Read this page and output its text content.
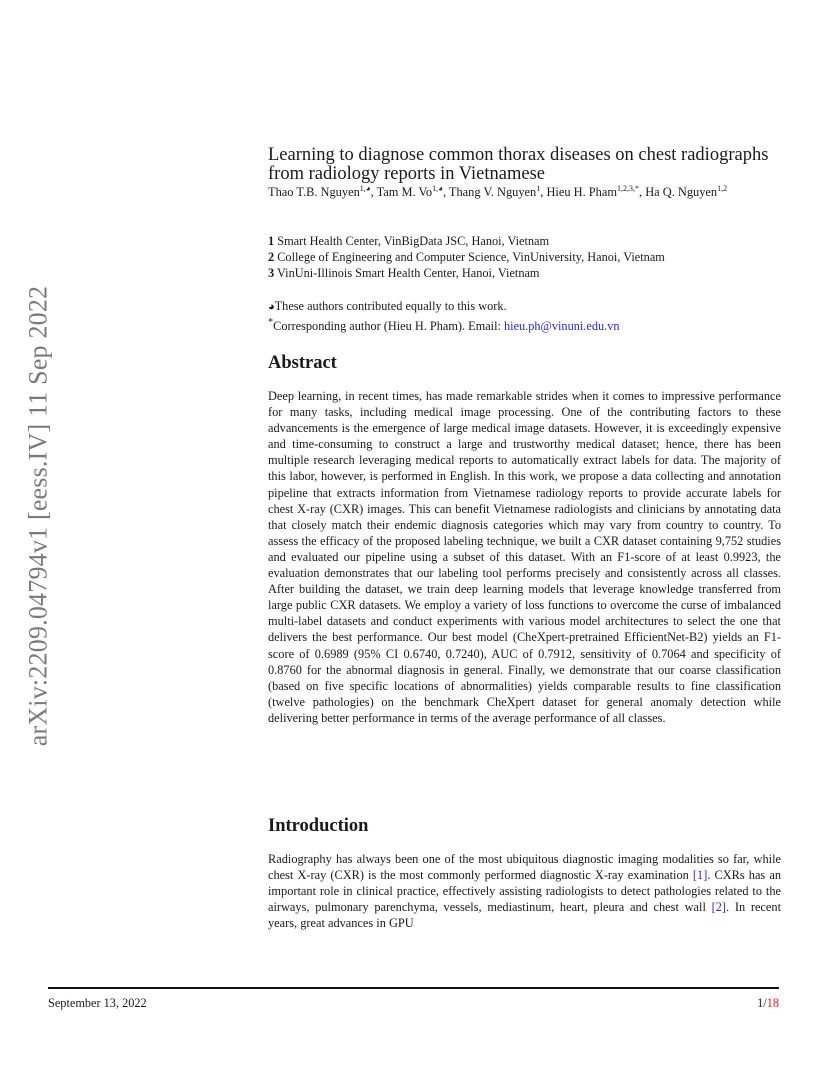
arXiv:2209.04794v1 [eess.IV] 11 Sep 2022
Learning to diagnose common thorax diseases on chest radiographs from radiology reports in Vietnamese
Thao T.B. Nguyen$^{1,◕}$, Tam M. $Vo^{1,◕}$, Thang V. Nguyen$^1$, Hieu H. Pham$^{1,2,3,*}$, Ha Q. Nguyen$^{1,2}$
1 Smart Health Center, VinBigData JSC, Hanoi, Vietnam
2 College of Engineering and Computer Science, VinUniversity, Hanoi, Vietnam
3 VinUni-Illinois Smart Health Center, Hanoi, Vietnam
◕These authors contributed equally to this work.
*Corresponding author (Hieu H. Pham). Email: hieu.ph@vinuni.edu.vn
Abstract

Deep learning, in recent times, has made remarkable strides when it comes to impressive performance for many tasks, including medical image processing. One of the contributing factors to these advancements is the emergence of large medical image datasets. However, it is exceedingly expensive and time-consuming to construct a large and trustworthy medical dataset; hence, there has been multiple research leveraging medical reports to automatically extract labels for data. The majority of this labor, however, is performed in English. In this work, we propose a data collecting and annotation pipeline that extracts information from Vietnamese radiology reports to provide accurate labels for chest X-ray (CXR) images. This can benefit Vietnamese radiologists and clinicians by annotating data that closely match their endemic diagnosis categories which may vary from country to country. To assess the efficacy of the proposed labeling technique, we built a CXR dataset containing 9,752 studies and evaluated our pipeline using a subset of this dataset. With an F1-score of at least 0.9923, the evaluation demonstrates that our labeling tool performs precisely and consistently across all classes. After building the dataset, we train deep learning models that leverage knowledge transferred from large public CXR datasets. We employ a variety of loss functions to overcome the curse of imbalanced multi-label datasets and conduct experiments with various model architectures to select the one that delivers the best performance. Our best model (CheXpert-pretrained EfficientNet-B2) yields an F1-score of 0.6989 (95% CI 0.6740, 0.7240), AUC of 0.7912, sensitivity of 0.7064 and specificity of 0.8760 for the abnormal diagnosis in general. Finally, we demonstrate that our coarse classification (based on five specific locations of abnormalities) yields comparable results to fine classification (twelve pathologies) on the benchmark CheXpert dataset for general anomaly detection while delivering better performance in terms of the average performance of all classes.

Introduction

Radiography has always been one of the most ubiquitous diagnostic imaging modalities so far, while chest X-ray (CXR) is the most commonly performed diagnostic X-ray examination [1]. CXRs has an important role in clinical practice, effectively assisting radiologists to detect pathologies related to the airways, pulmonary parenchyma, vessels, mediastinum, heart, pleura and chest wall [2]. In recent years, great advances in GPU

September 13, 2022	1/18
